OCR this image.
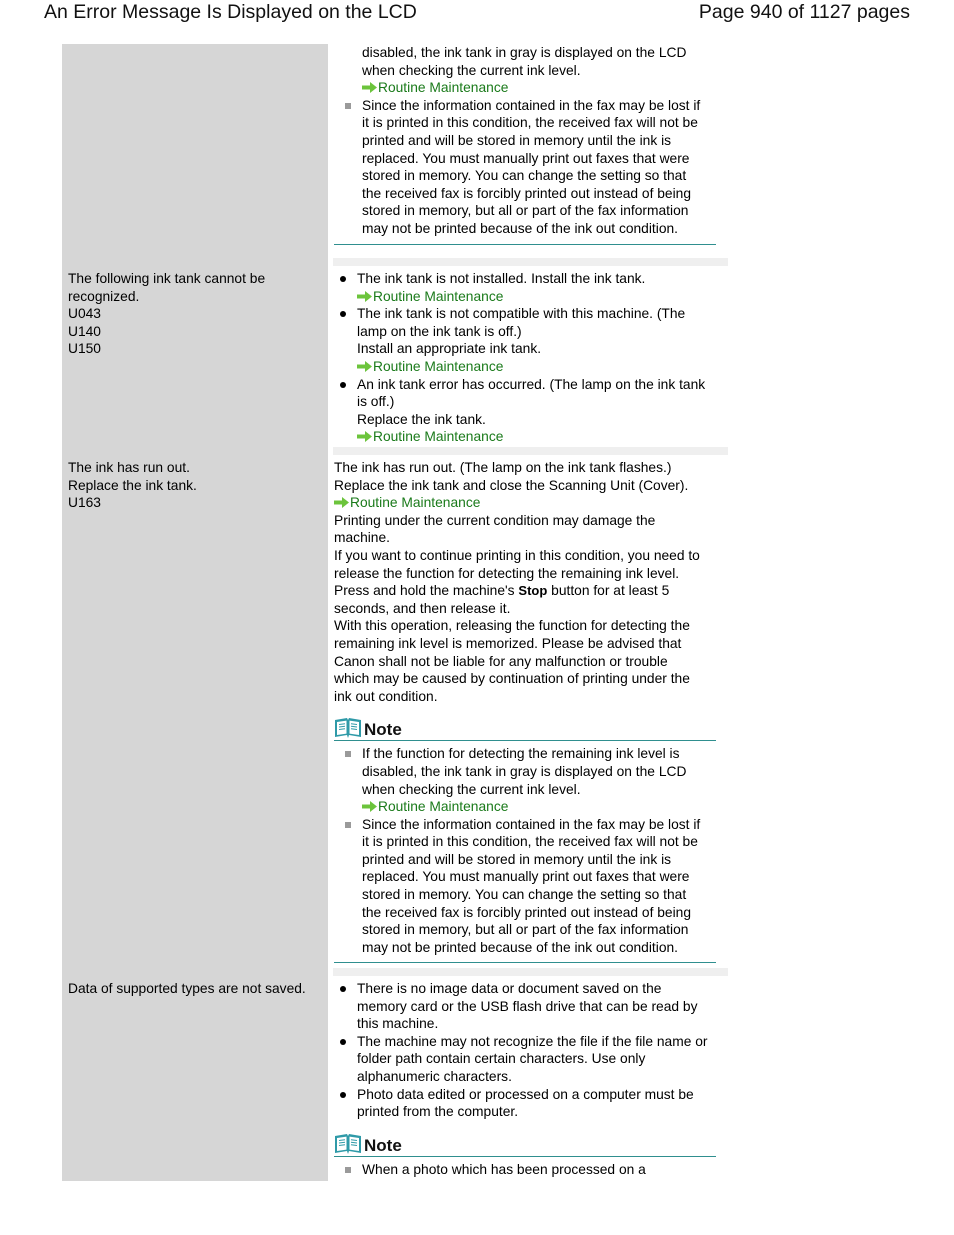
An Error Message Is Displayed on the LCD	Page 940 of 1127 pages
disabled, the ink tank in gray is displayed on the LCD
when checking the current ink level.
Routine Maintenance
Since the information contained in the fax may be lost if
it is printed in this condition, the received fax will not be
printed and will be stored in memory until the ink is
replaced. You must manually print out faxes that were
stored in memory. You can change the setting so that
the received fax is forcibly printed out instead of being
stored in memory, but all or part of the fax information
may not be printed because of the ink out condition.
The following ink tank cannot be
recognized.
U043
U140
U150
The ink tank is not installed. Install the ink tank.
Routine Maintenance
The ink tank is not compatible with this machine. (The
lamp on the ink tank is off.)
Install an appropriate ink tank.
Routine Maintenance
An ink tank error has occurred. (The lamp on the ink tank
is off.)
Replace the ink tank.
Routine Maintenance
The ink has run out.
Replace the ink tank.
U163
The ink has run out. (The lamp on the ink tank flashes.)
Replace the ink tank and close the Scanning Unit (Cover).
Routine Maintenance
Printing under the current condition may damage the
machine.
If you want to continue printing in this condition, you need to
release the function for detecting the remaining ink level.
Press and hold the machine's Stop button for at least 5
seconds, and then release it.
With this operation, releasing the function for detecting the
remaining ink level is memorized. Please be advised that
Canon shall not be liable for any malfunction or trouble
which may be caused by continuation of printing under the
ink out condition.
Note
If the function for detecting the remaining ink level is
disabled, the ink tank in gray is displayed on the LCD
when checking the current ink level.
Routine Maintenance
Since the information contained in the fax may be lost if
it is printed in this condition, the received fax will not be
printed and will be stored in memory until the ink is
replaced. You must manually print out faxes that were
stored in memory. You can change the setting so that
the received fax is forcibly printed out instead of being
stored in memory, but all or part of the fax information
may not be printed because of the ink out condition.
Data of supported types are not saved.	There is no image data or document saved on the
memory card or the USB flash drive that can be read by
this machine.
The machine may not recognize the file if the file name or
folder path contain certain characters. Use only
alphanumeric characters.
Photo data edited or processed on a computer must be
printed from the computer.
Note
When a photo which has been processed on a
